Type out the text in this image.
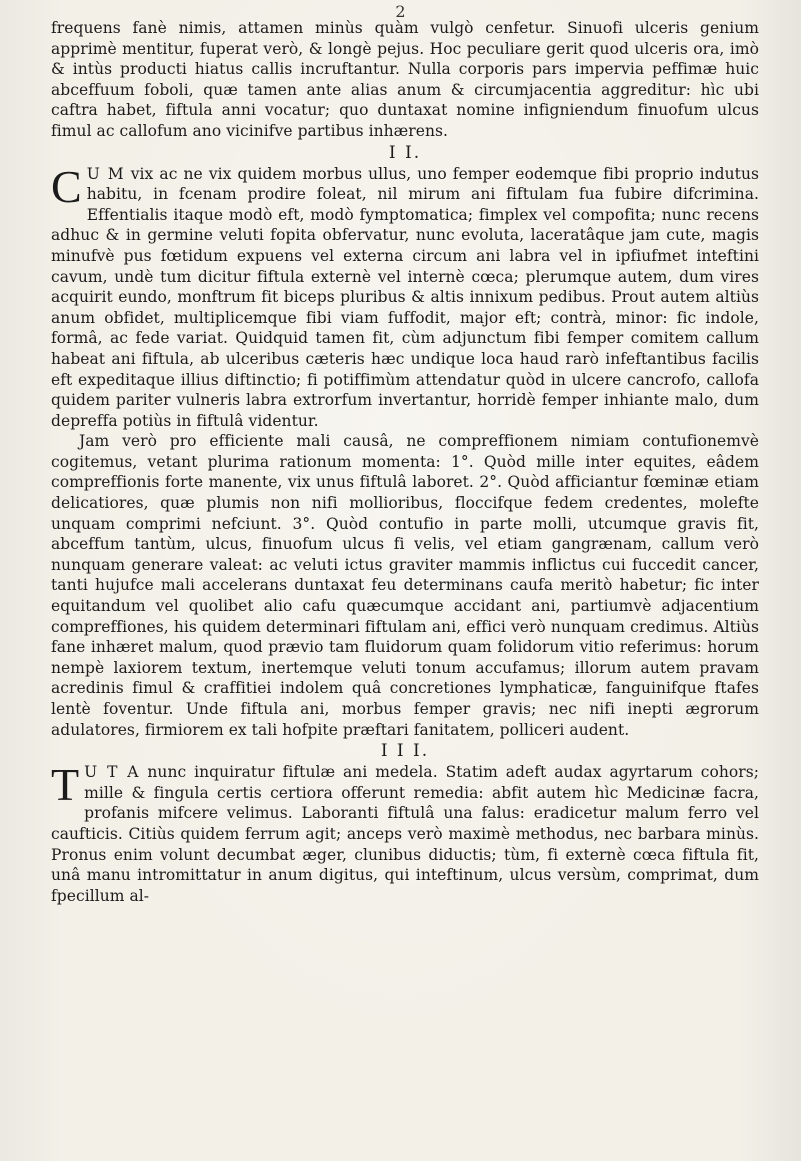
2

frequens fanè nimis, attamen minùs quàm vulgò cenfetur. Sinuofi ulceris genium apprimè mentitur, fuperat verò, & longè pejus. Hoc peculiare gerit quod ulceris ora, imò & intùs producti hiatus callis incruftantur. Nulla corporis pars impervia peffimæ huic abceffuum foboli, quæ tamen ante alias anum & circumjacentia aggreditur: hìc ubi caftra habet, fiftula anni vocatur; quo duntaxat nomine infigniendum finuofum ulcus fimul ac callofum ano vicinifve partibus inhærens.

I I.

C U M vix ac ne vix quidem morbus ullus, uno femper eodemque fibi proprio indutus habitu, in fcenam prodire foleat, nil mirum ani fiftulam fua fubire difcrimina. Effentialis itaque modò eft, modò fymptomatica; fimplex vel compofita; nunc recens adhuc & in germine veluti fopita obfervatur, nunc evoluta, laceratâque jam cute, magis minufvè pus fœtidum expuens vel externa circum ani labra vel in ipfiufmet inteftini cavum, undè tum dicitur fiftula externè vel internè cœca; plerumque autem, dum vires acquirit eundo, monftrum fit biceps pluribus & altis innixum pedibus. Prout autem altiùs anum obfidet, multiplicemque fibi viam fuffodit, major eft; contrà, minor: fic indole, formâ, ac fede variat. Quidquid tamen fit, cùm adjunctum fibi femper comitem callum habeat ani fiftula, ab ulceribus cæteris hæc undique loca haud rarò infeftantibus facilis eft expeditaque illius diftinctio; fi potiffimùm attendatur quòd in ulcere cancrofo, callofa quidem pariter vulneris labra extrorfum invertantur, horridè femper inhiante malo, dum depreffa potiùs in fiftulâ videntur.

Jam verò pro efficiente mali causâ, ne compreffionem nimiam contufionemvè cogitemus, vetant plurima rationum momenta: 1°. Quòd mille inter equites, eâdem compreffionis forte manente, vix unus fiftulâ laboret. 2°. Quòd afficiantur fœminæ etiam delicatiores, quæ plumis non nifi mollioribus, floccifque fedem credentes, molefte unquam comprimi nefciunt. 3°. Quòd contufio in parte molli, utcumque gravis fit, abceffum tantùm, ulcus, finuofum ulcus fi velis, vel etiam gangrænam, callum verò nunquam generare valeat: ac veluti ictus graviter mammis inflictus cui fuccedit cancer, tanti hujufce mali accelerans duntaxat feu determinans caufa meritò habetur; fic inter equitandum vel quolibet alio cafu quæcumque accidant ani, partiumvè adjacentium compreffiones, his quidem determinari fiftulam ani, effici verò nunquam credimus. Altiùs fane inhæret malum, quod prævio tam fluidorum quam folidorum vitio referimus: horum nempè laxiorem textum, inertemque veluti tonum accufamus; illorum autem pravam acredinis fimul & craffitiei indolem quâ concretiones lymphaticæ, fanguinifque ftafes lentè foventur. Unde fiftula ani, morbus femper gravis; nec nifi inepti ægrorum adulatores, firmiorem ex tali hofpite præftari fanitatem, polliceri audent.

I I I.

T U T A nunc inquiratur fiftulæ ani medela. Statim adeft audax agyrtarum cohors; mille & fingula certis certiora offerunt remedia: abfit autem hìc Medicinæ facra, profanis mifcere velimus. Laboranti fiftulâ una falus: eradicetur malum ferro vel caufticis. Citiùs quidem ferrum agit; anceps verò maximè methodus, nec barbara minùs. Pronus enim volunt decumbat æger, clunibus diductis; tùm, fi externè cœca fiftula fit, unâ manu intromittatur in anum digitus, qui inteftinum, ulcus versùm, comprimat, dum fpecillum al-
